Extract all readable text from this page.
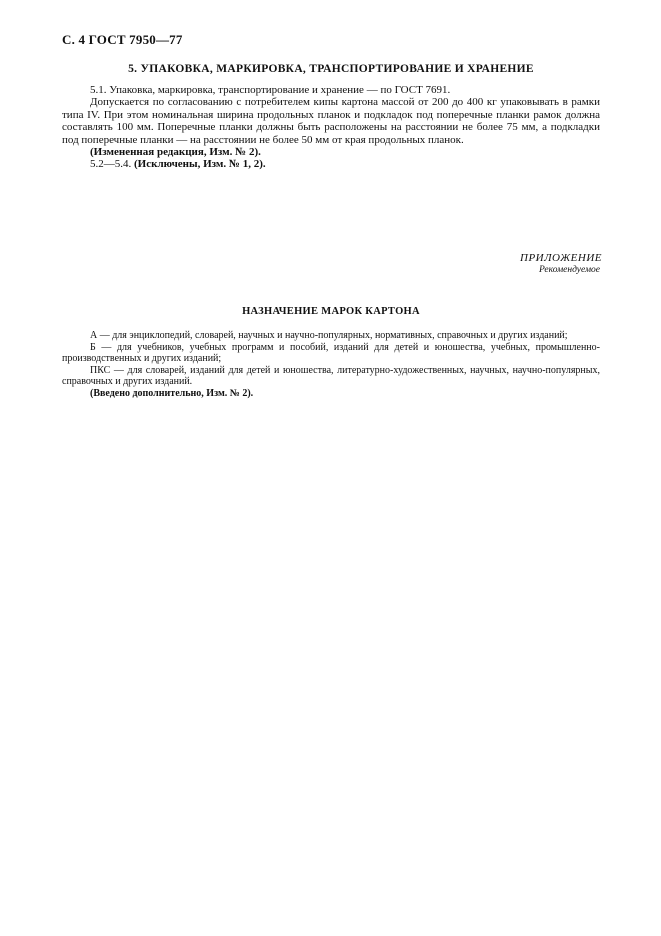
С. 4 ГОСТ 7950—77
5. УПАКОВКА, МАРКИРОВКА, ТРАНСПОРТИРОВАНИЕ И ХРАНЕНИЕ

5.1. Упаковка, маркировка, транспортирование и хранение — по ГОСТ 7691.

Допускается по согласованию с потребителем кипы картона массой от 200 до 400 кг упаковывать в рамки типа IV. При этом номинальная ширина продольных планок и подкладок под поперечные планки рамок должна составлять 100 мм. Поперечные планки должны быть расположены на расстоянии не более 75 мм, а подкладки под поперечные планки — на расстоянии не более 50 мм от края продольных планок.

(Измененная редакция, Изм. № 2).

5.2—5.4. (Исключены, Изм. № 1, 2).

ПРИЛОЖЕНИЕ
Рекомендуемое
НАЗНАЧЕНИЕ МАРОК КАРТОНА

А — для энциклопедий, словарей, научных и научно-популярных, нормативных, справочных и других изданий;

Б — для учебников, учебных программ и пособий, изданий для детей и юношества, учебных, промышленно-производственных и других изданий;

ПКС — для словарей, изданий для детей и юношества, литературно-художественных, научных, научно-популярных, справочных и других изданий.

(Введено дополнительно, Изм. № 2).
